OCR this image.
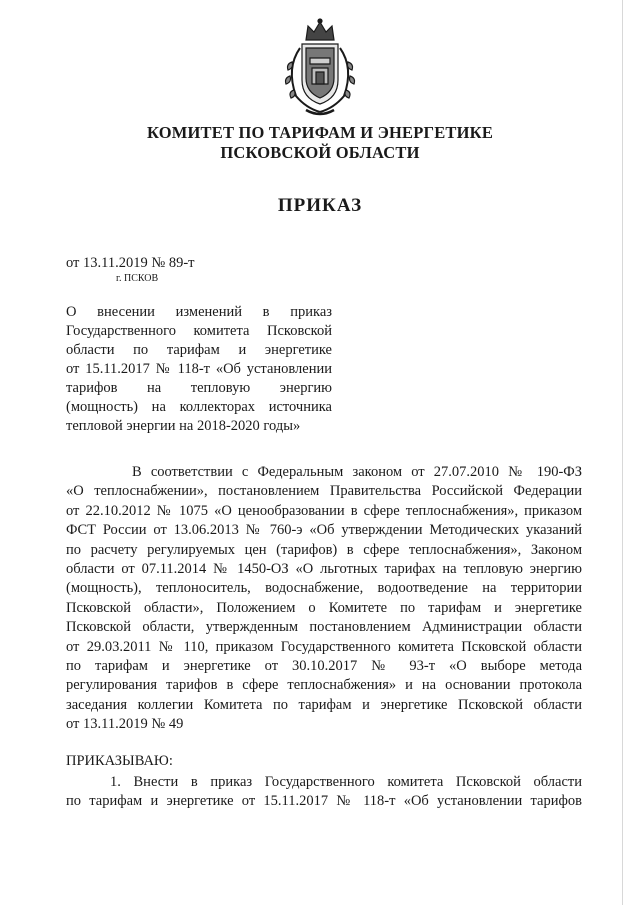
КОМИТЕТ ПО ТАРИФАМ И ЭНЕРГЕТИКЕ
ПСКОВСКОЙ ОБЛАСТИ
ПРИКАЗ
от 13.11.2019 № 89-т
г. ПСКОВ
О внесении изменений в приказ
Государственного комитета Псковской
области по тарифам и энергетике
от 15.11.2017 № 118-т «Об установлении
тарифов на тепловую энергию
(мощность) на коллекторах источника
тепловой энергии на 2018-2020 годы»
В соответствии с Федеральным законом от 27.07.2010 № 190-ФЗ
«О теплоснабжении», постановлением Правительства Российской Федерации
от 22.10.2012 № 1075 «О ценообразовании в сфере теплоснабжения», приказом
ФСТ России от 13.06.2013 № 760-э «Об утверждении Методических указаний
по расчету регулируемых цен (тарифов) в сфере теплоснабжения», Законом
области от 07.11.2014 № 1450-ОЗ «О льготных тарифах на тепловую энергию
(мощность), теплоноситель, водоснабжение, водоотведение на территории
Псковской области», Положением о Комитете по тарифам и энергетике
Псковской области, утвержденным постановлением Администрации области
от 29.03.2011 № 110, приказом Государственного комитета Псковской области
по тарифам и энергетике от 30.10.2017 № 93-т «О выборе метода
регулирования тарифов в сфере теплоснабжения» и на основании протокола
заседания коллегии Комитета по тарифам и энергетике Псковской области
от 13.11.2019 № 49
ПРИКАЗЫВАЮ:
1. Внести в приказ Государственного комитета Псковской области
по тарифам и энергетике от 15.11.2017 № 118-т «Об установлении тарифов
